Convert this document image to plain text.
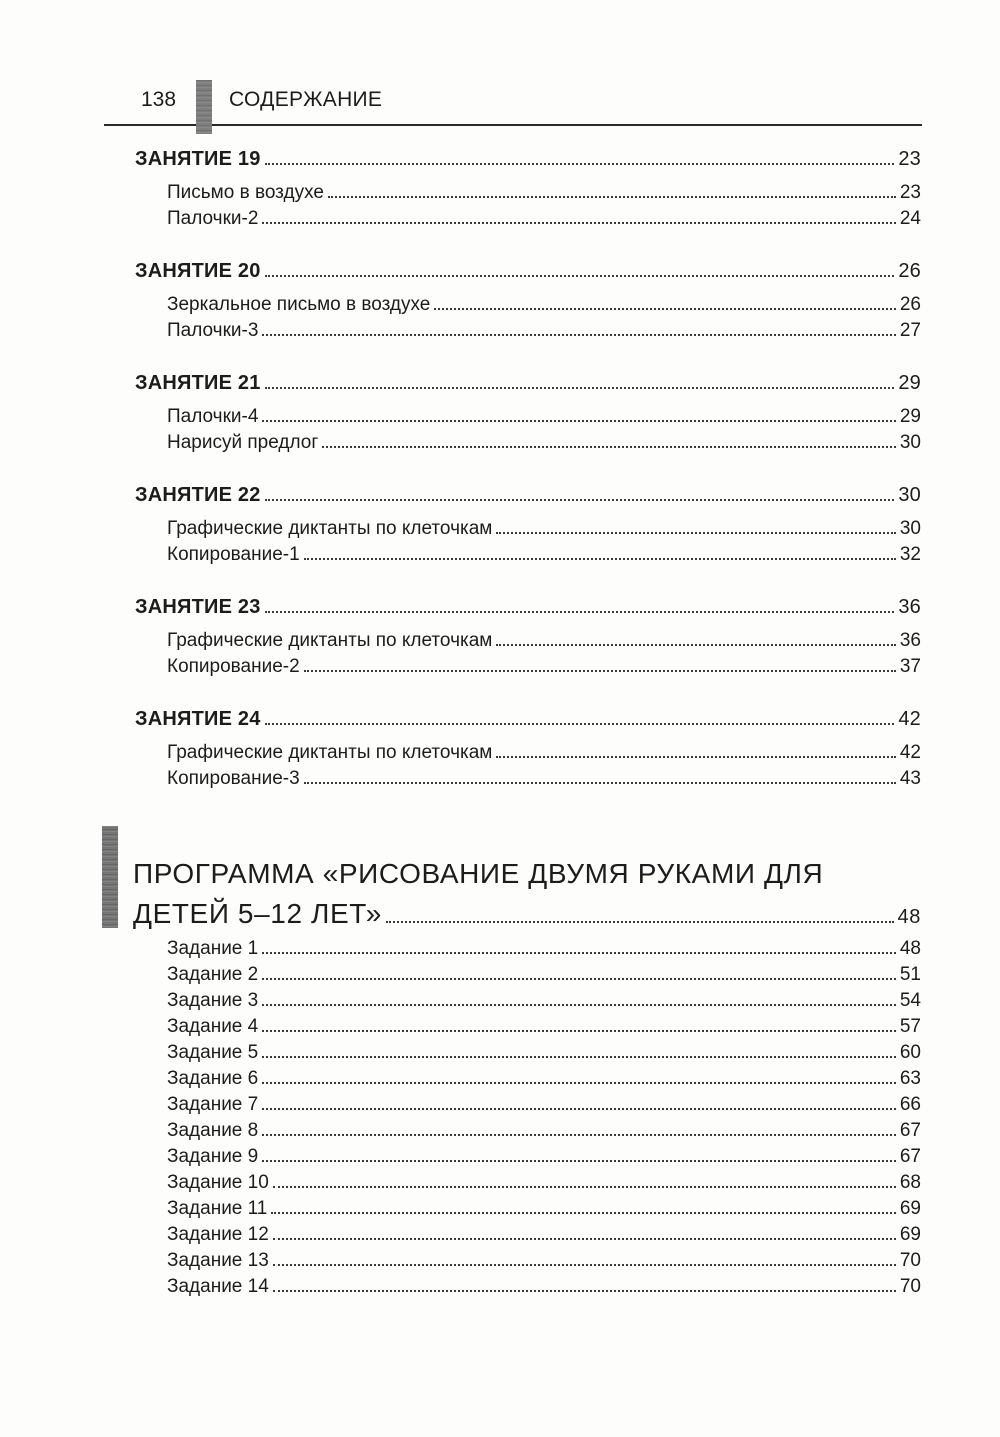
138	СОДЕРЖАНИЕ
ЗАНЯТИЕ 19	23
Письмо в воздухе	23
Палочки-2	24
ЗАНЯТИЕ 20	26
Зеркальное письмо в воздухе	26
Палочки-3	27
ЗАНЯТИЕ 21	29
Палочки-4	29
Нарисуй предлог	30
ЗАНЯТИЕ 22	30
Графические диктанты по клеточкам	30
Копирование-1	32
ЗАНЯТИЕ 23	36
Графические диктанты по клеточкам	36
Копирование-2	37
ЗАНЯТИЕ 24	42
Графические диктанты по клеточкам	42
Копирование-3	43
ПРОГРАММА «РИСОВАНИЕ ДВУМЯ РУКАМИ ДЛЯ
ДЕТЕЙ 5–12 ЛЕТ»	48
Задание 1	48
Задание 2	51
Задание 3	54
Задание 4	57
Задание 5	60
Задание 6	63
Задание 7	66
Задание 8	67
Задание 9	67
Задание 10	68
Задание 11	69
Задание 12	69
Задание 13	70
Задание 14	70
